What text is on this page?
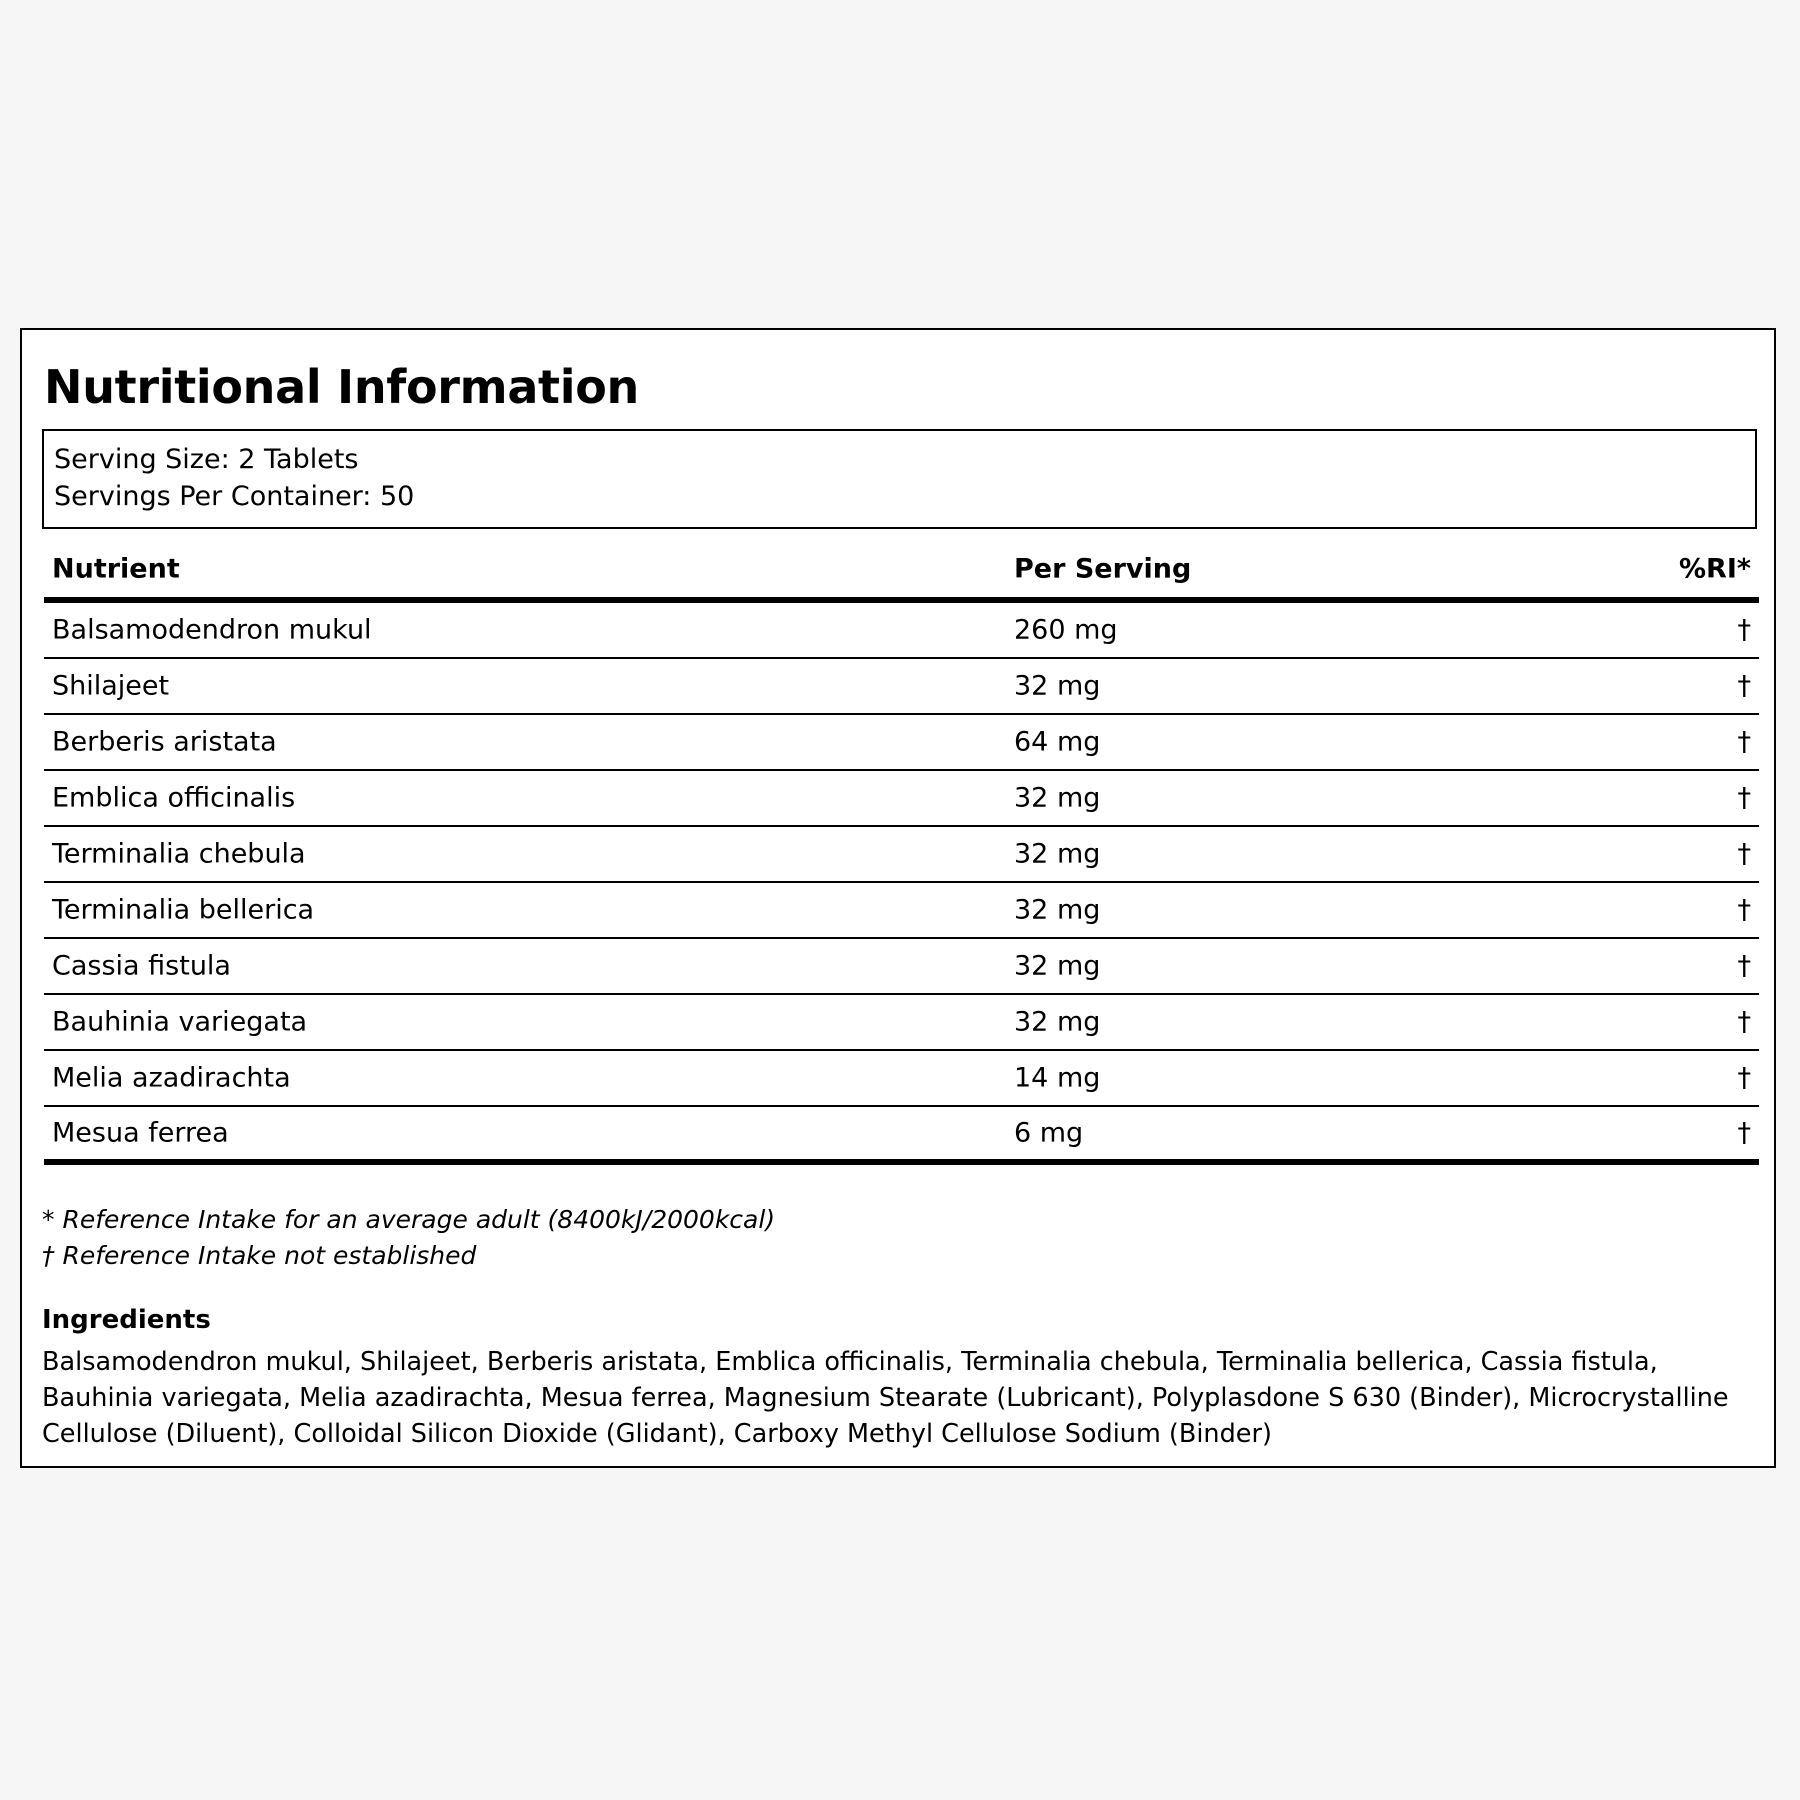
Nutritional Information
Serving Size: 2 Tablets
Servings Per Container: 50
Nutrient	Per Serving	%RI*
Balsamodendron mukul	260 mg	†
Shilajeet	32 mg	†
Berberis aristata	64 mg	†
Emblica officinalis	32 mg	†
Terminalia chebula	32 mg	†
Terminalia bellerica	32 mg	†
Cassia fistula	32 mg	†
Bauhinia variegata	32 mg	†
Melia azadirachta	14 mg	†
Mesua ferrea	6 mg	†
* Reference Intake for an average adult (8400kJ/2000kcal)
† Reference Intake not established
Ingredients
Balsamodendron mukul, Shilajeet, Berberis aristata, Emblica officinalis, Terminalia chebula, Terminalia bellerica, Cassia fistula, Bauhinia variegata, Melia azadirachta, Mesua ferrea, Magnesium Stearate (Lubricant), Polyplasdone S 630 (Binder), Microcrystalline Cellulose (Diluent), Colloidal Silicon Dioxide (Glidant), Carboxy Methyl Cellulose Sodium (Binder)
